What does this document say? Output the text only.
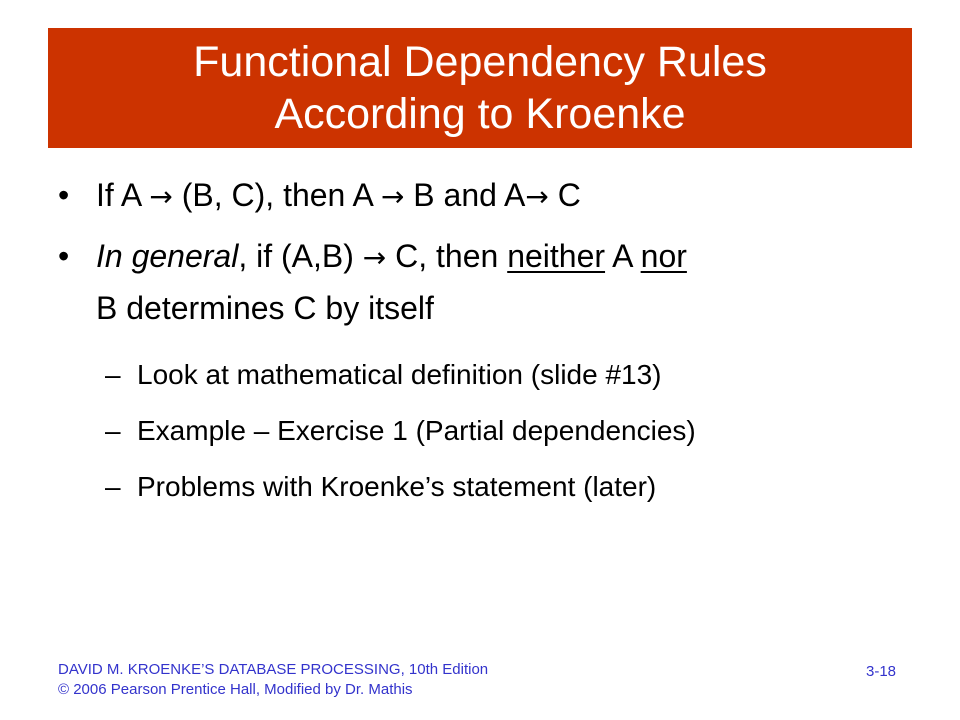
Functional Dependency Rules
According to Kroenke
• If A → (B, C), then A → B and A→ C
• In general, if (A,B) → C, then neither A nor
B determines C by itself
– Look at mathematical definition (slide #13)
– Example – Exercise 1 (Partial dependencies)
– Problems with Kroenke’s statement (later)
DAVID M. KROENKE’S DATABASE PROCESSING, 10th Edition
© 2006 Pearson Prentice Hall, Modified by Dr. Mathis
3-18
